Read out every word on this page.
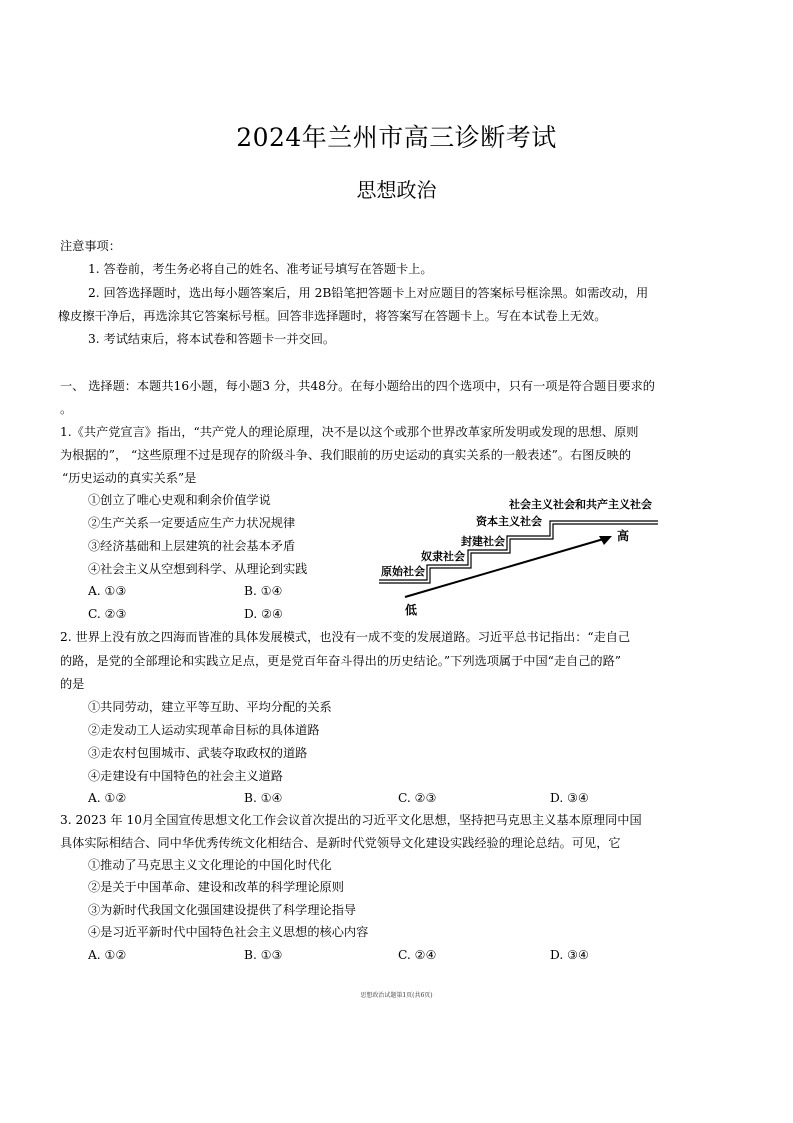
2024年兰州市高三诊断考试
思想政治
注意事项：
1. 答卷前，考生务必将自己的姓名、准考证号填写在答题卡上。
2. 回答选择题时，选出每小题答案后，用 2B铅笔把答题卡上对应题目的答案标号框涂黑。如需改动，用
橡皮擦干净后，再选涂其它答案标号框。回答非选择题时，将答案写在答题卡上。写在本试卷上无效。
3. 考试结束后，将本试卷和答题卡一并交回。
一、 选择题：本题共16小题，每小题3 分，共48分。在每小题给出的四个选项中，只有一项是符合题目要求的
。
1.《共产党宣言》指出，“共产党人的理论原理，决不是以这个或那个世界改革家所发明或发现的思想、原则
为根据的”， “这些原理不过是现存的阶级斗争、我们眼前的历史运动的真实关系的一般表述”。右图反映的
“历史运动的真实关系”是
①创立了唯心史观和剩余价值学说
②生产关系一定要适应生产力状况规律
③经济基础和上层建筑的社会基本矛盾
④社会主义从空想到科学、从理论到实践
A. ①③	B. ①④
C. ②③	D. ②④
原始社会
奴隶社会
封建社会
资本主义社会
社会主义社会和共产主义社会
高
低
2. 世界上没有放之四海而皆准的具体发展模式，也没有一成不变的发展道路。习近平总书记指出：“走自己
的路，是党的全部理论和实践立足点，更是党百年奋斗得出的历史结论。”下列选项属于中国“走自己的路”
的是
①共同劳动，建立平等互助、平均分配的关系
②走发动工人运动实现革命目标的具体道路
③走农村包围城市、武装夺取政权的道路
④走建设有中国特色的社会主义道路
A. ①②	B. ①④	C. ②③	D. ③④
3. 2023 年 10月全国宣传思想文化工作会议首次提出的习近平文化思想，坚持把马克思主义基本原理同中国
具体实际相结合、同中华优秀传统文化相结合、是新时代党领导文化建设实践经验的理论总结。可见，它
①推动了马克思主义文化理论的中国化时代化
②是关于中国革命、建设和改革的科学理论原则
③为新时代我国文化强国建设提供了科学理论指导
④是习近平新时代中国特色社会主义思想的核心内容
A. ①②	B. ①③	C. ②④	D. ③④
思想政治试题第1页(共6页)
